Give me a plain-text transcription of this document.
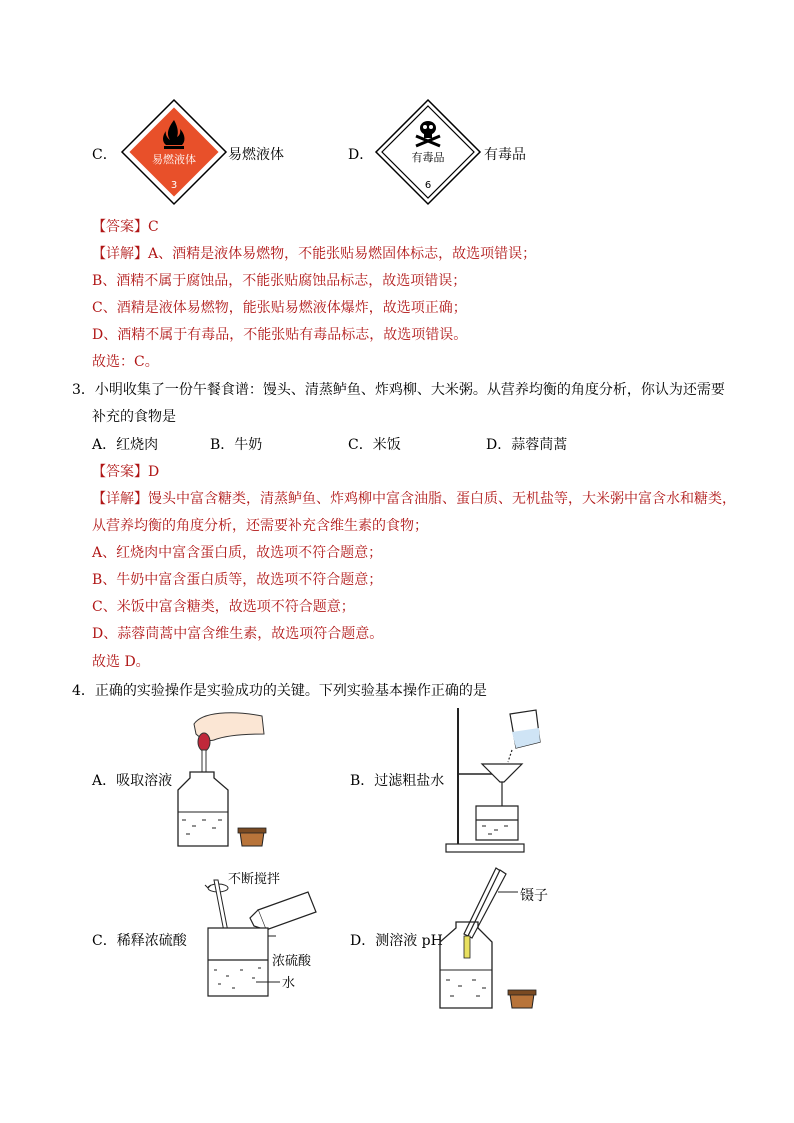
C．	易燃液体
3
易燃液体	D．	有毒品
6
有毒品
【答案】C
【详解】A、酒精是液体易燃物，不能张贴易燃固体标志，故选项错误；
B、酒精不属于腐蚀品，不能张贴腐蚀品标志，故选项错误；
C、酒精是液体易燃物，能张贴易燃液体爆炸，故选项正确；
D、酒精不属于有毒品，不能张贴有毒品标志，故选项错误。
故选：C。
3．小明收集了一份午餐食谱：馒头、清蒸鲈鱼、炸鸡柳、大米粥。从营养均衡的角度分析，你认为还需要
补充的食物是
A．红烧肉	B．牛奶	C．米饭	D．蒜蓉茼蒿
【答案】D
【详解】馒头中富含糖类，清蒸鲈鱼、炸鸡柳中富含油脂、蛋白质、无机盐等，大米粥中富含水和糖类，
从营养均衡的角度分析，还需要补充含维生素的食物；
A、红烧肉中富含蛋白质，故选项不符合题意；
B、牛奶中富含蛋白质等，故选项不符合题意；
C、米饭中富含糖类，故选项不符合题意；
D、蒜蓉茼蒿中富含维生素，故选项符合题意。
故选 D。
4．正确的实验操作是实验成功的关键。下列实验基本操作正确的是
A．吸取溶液	B．过滤粗盐水
C．稀释浓硫酸
不断搅拌
浓硫酸
水
D．测溶液 pH
镊子
